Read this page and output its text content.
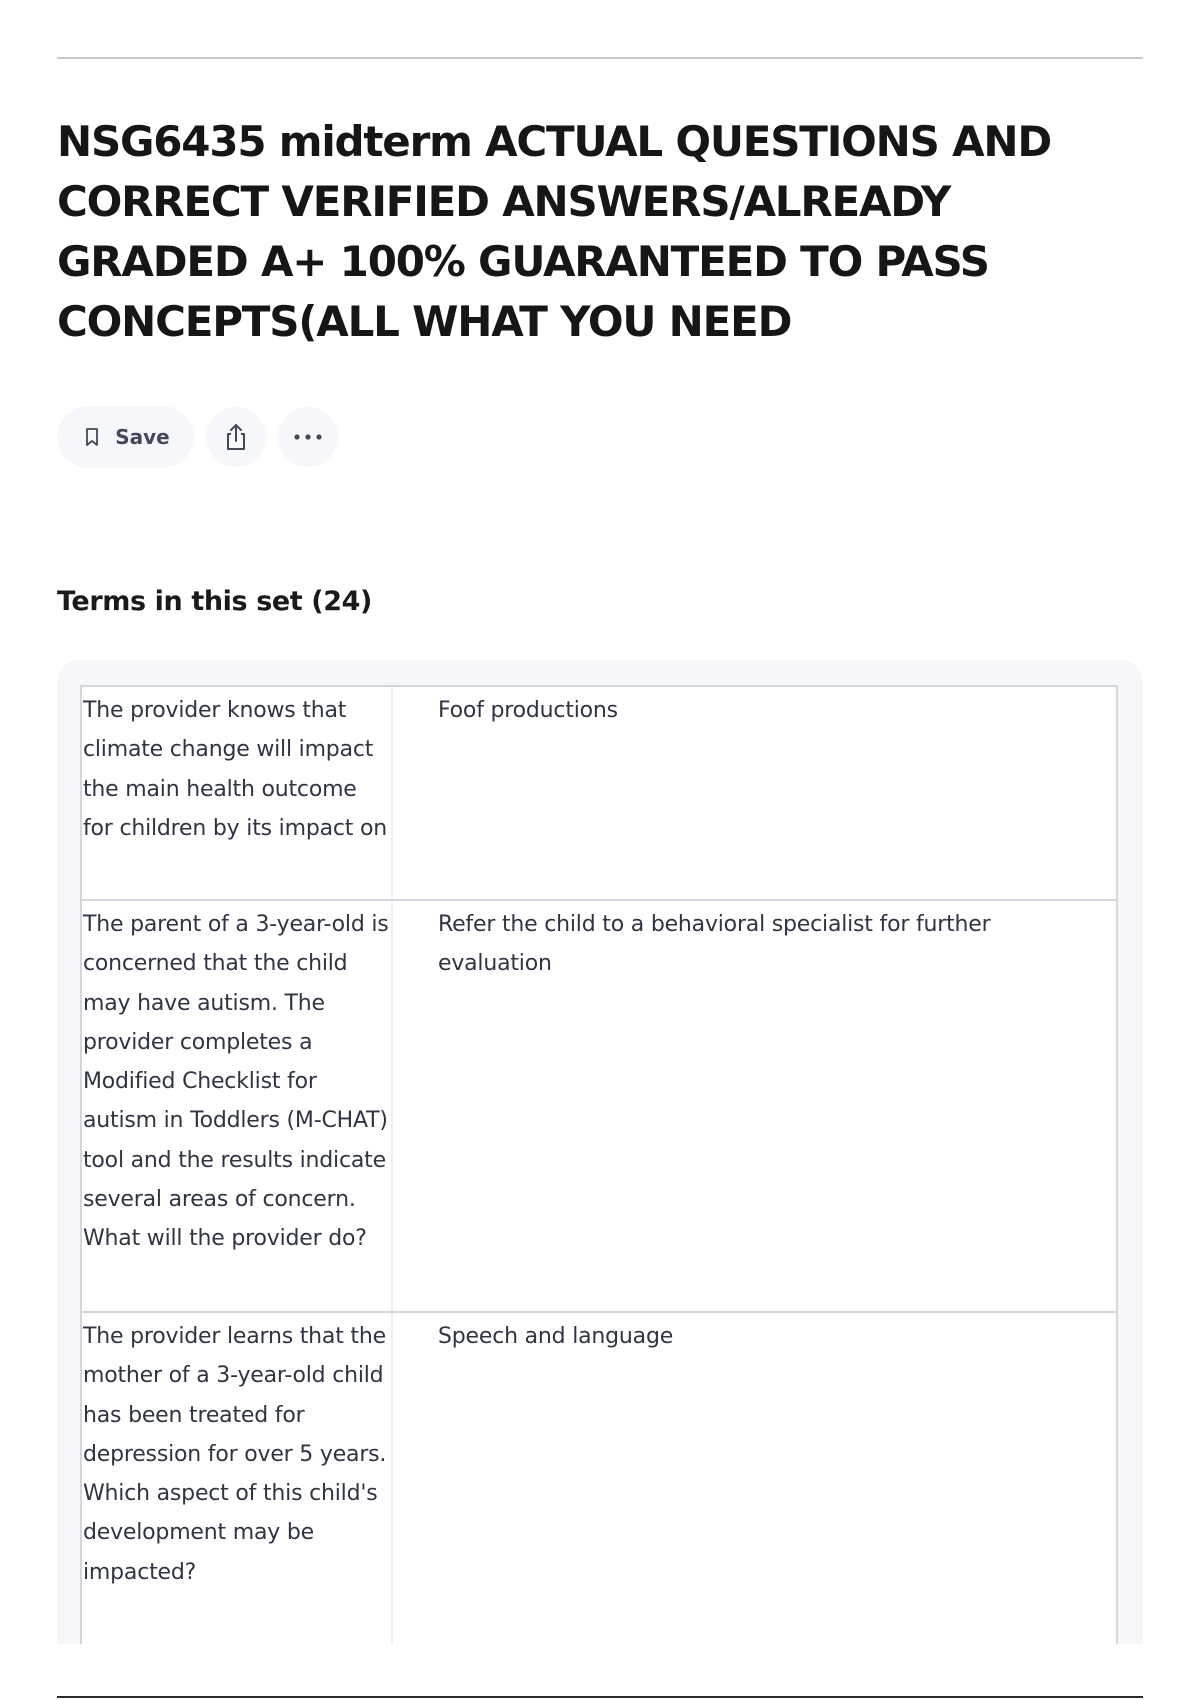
NSG6435 midterm ACTUAL QUESTIONS AND CORRECT VERIFIED ANSWERS/ALREADY GRADED A+ 100% GUARANTEED TO PASS CONCEPTS(ALL WHAT YOU NEED
Save
Terms in this set (24)
The provider knows that climate change will impact the main health outcome for children by its impact on
Foof productions
The parent of a 3-year-old is concerned that the child may have autism. The provider completes a Modified Checklist for autism in Toddlers (M-CHAT) tool and the results indicate several areas of concern. What will the provider do?
Refer the child to a behavioral specialist for further evaluation
The provider learns that the mother of a 3-year-old child has been treated for depression for over 5 years. Which aspect of this child's development may be impacted?
Speech and language
